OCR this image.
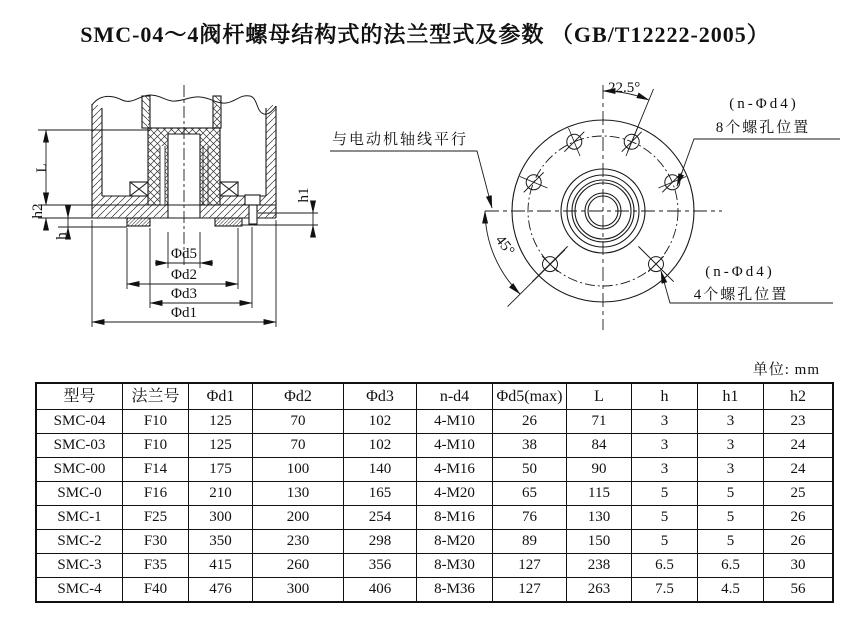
SMC-04～4阀杆螺母结构式的法兰型式及参数 （GB/T12222-2005）
L
h2
h
h1
Φd5
Φd2
Φd3
Φd1
22.5°
45°
与电动机轴线平行
(n-Φd4)
8个螺孔位置
(n-Φd4)
4个螺孔位置
单位: mm
型号	法兰号	Φd1	Φd2	Φd3	n-d4	Φd5(max)	L	h	h1	h2
SMC-04	F10	125	70	102	4-M10	26	71	3	3	23
SMC-03	F10	125	70	102	4-M10	38	84	3	3	24
SMC-00	F14	175	100	140	4-M16	50	90	3	3	24
SMC-0	F16	210	130	165	4-M20	65	115	5	5	25
SMC-1	F25	300	200	254	8-M16	76	130	5	5	26
SMC-2	F30	350	230	298	8-M20	89	150	5	5	26
SMC-3	F35	415	260	356	8-M30	127	238	6.5	6.5	30
SMC-4	F40	476	300	406	8-M36	127	263	7.5	4.5	56
